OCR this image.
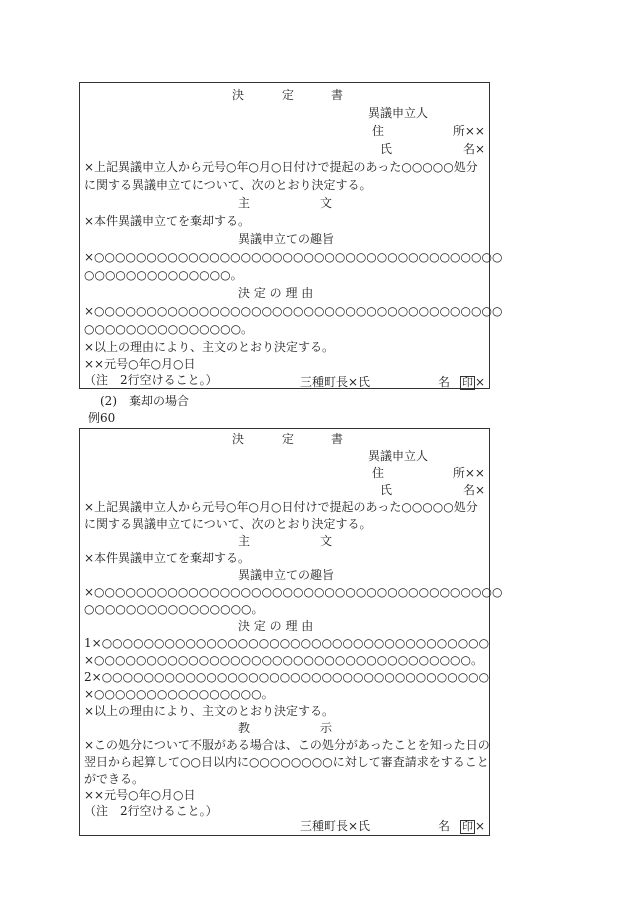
決	定	書
異議申立人
住	所××
氏	名×
×上記異議申立人から元号○年○月○日付けで提起のあった○○○○○処分
に関する異議申立てについて、次のとおり決定する。
主	文
×本件異議申立てを棄却する。
異議申立ての趣旨
×○○○○○○○○○○○○○○○○○○○○○○○○○○○○○○○○○○○○○○○
○○○○○○○○○○○○○○。
決 定 の 理 由
×○○○○○○○○○○○○○○○○○○○○○○○○○○○○○○○○○○○○○○○
○○○○○○○○○○○○○○○。
×以上の理由により、主文のとおり決定する。
××元号○年○月○日
（注　2行空けること。）	三種町長×氏	名 印 ×
(2)　棄却の場合
例60
決	定	書
異議申立人
住	所××
氏	名×
×上記異議申立人から元号○年○月○日付けで提起のあった○○○○○処分
に関する異議申立てについて、次のとおり決定する。
主	文
×本件異議申立てを棄却する。
異議申立ての趣旨
×○○○○○○○○○○○○○○○○○○○○○○○○○○○○○○○○○○○○○○○
○○○○○○○○○○○○○○○○。
決 定 の 理 由
1×○○○○○○○○○○○○○○○○○○○○○○○○○○○○○○○○○○○○○
×○○○○○○○○○○○○○○○○○○○○○○○○○○○○○○○○○○○○。
2×○○○○○○○○○○○○○○○○○○○○○○○○○○○○○○○○○○○○○
×○○○○○○○○○○○○○○○○。
×以上の理由により、主文のとおり決定する。
教	示
×この処分について不服がある場合は、この処分があったことを知った日の
翌日から起算して○○日以内に○○○○○○○○に対して審査請求をすること
ができる。
××元号○年○月○日
（注　2行空けること。）
三種町長×氏	名 印 ×
